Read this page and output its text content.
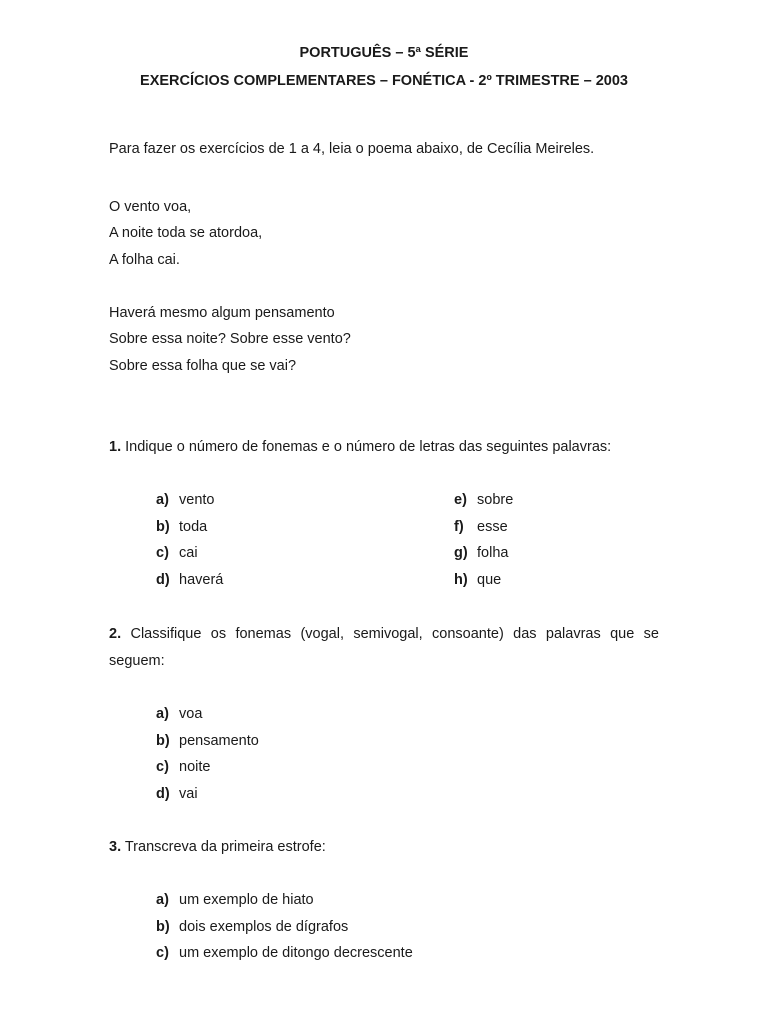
PORTUGUÊS – 5ª SÉRIE
EXERCÍCIOS COMPLEMENTARES – FONÉTICA - 2º TRIMESTRE – 2003
Para fazer os exercícios de 1 a 4, leia o poema abaixo, de Cecília Meireles.
O vento voa,
A noite toda se atordoa,
A folha cai.
Haverá mesmo algum pensamento
Sobre essa noite? Sobre esse vento?
Sobre essa folha que se vai?
1. Indique o número de fonemas e o número de letras das seguintes palavras:
a) vento
b) toda
c) cai
d) haverá
e) sobre
f) esse
g) folha
h) que
2. Classifique os fonemas (vogal, semivogal, consoante) das palavras que se seguem:
a) voa
b) pensamento
c) noite
d) vai
3. Transcreva da primeira estrofe:
a) um exemplo de hiato
b) dois exemplos de dígrafos
c) um exemplo de ditongo decrescente
